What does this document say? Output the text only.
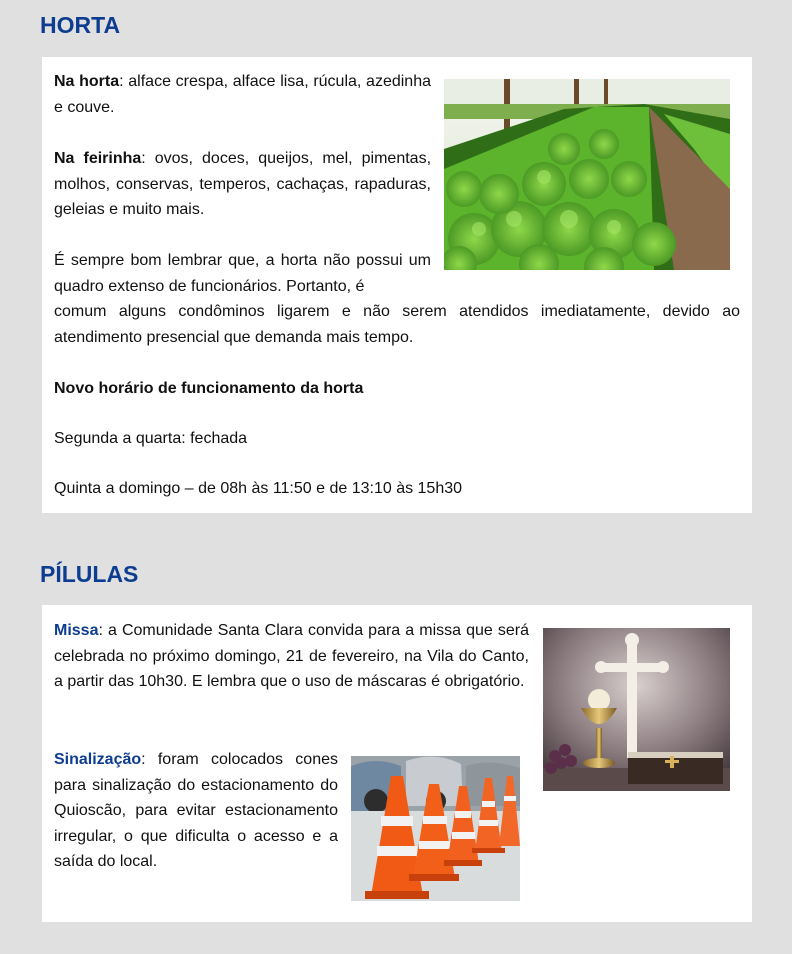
HORTA

Na horta: alface crespa, alface lisa, rúcula, azedinha e couve.

Na feirinha: ovos, doces, queijos, mel, pimentas, molhos, conservas, temperos, cachaças, rapaduras, geleias e muito mais.

É sempre bom lembrar que, a horta não possui um quadro extenso de funcionários. Portanto, é

comum alguns condôminos ligarem e não serem atendidos imediatamente, devido ao atendimento presencial que demanda mais tempo.

Novo horário de funcionamento da horta

Segunda a quarta: fechada

Quinta a domingo – de 08h às 11:50 e de 13:10 às 15h30

PÍLULAS

Missa: a Comunidade Santa Clara convida para a missa que será celebrada no próximo domingo, 21 de fevereiro, na Vila do Canto, a partir das 10h30. E lembra que o uso de máscaras é obrigatório.

Sinalização: foram colocados cones para sinalização do estacionamento do Quioscão, para evitar estacionamento irregular, o que dificulta o acesso e a saída do local.
